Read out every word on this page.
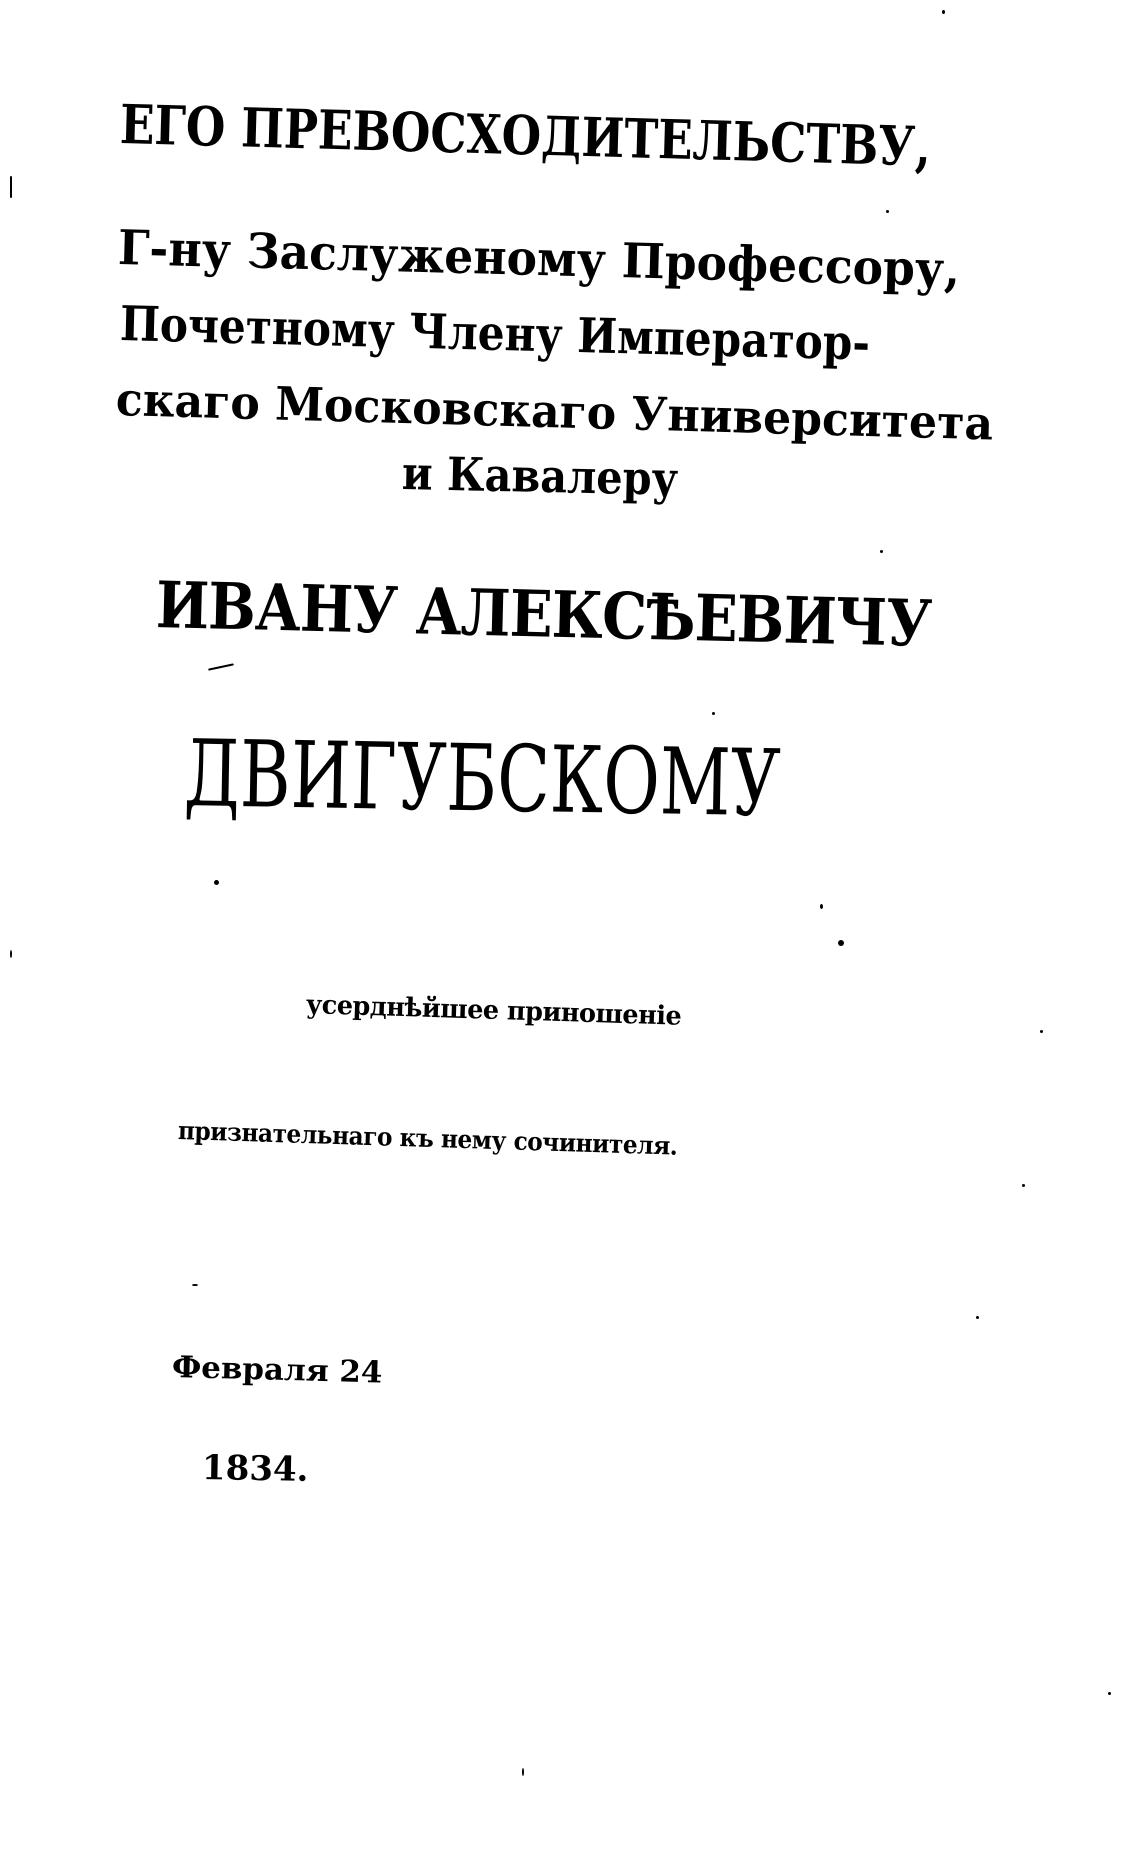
ЕГО ПРЕВОСХОДИТЕЛЬСТВУ,
Г-ну Заслуженому Профессору,
Почетному Члену Император-
скаго Московскаго Университета
и Кавалеру
ИВАНУ АЛЕКСѢЕВИЧУ
ДВИГУБСКОМУ
усерднѣйшее приношеніе
признательнаго къ нему сочинителя.
Февраля 24
1834.
